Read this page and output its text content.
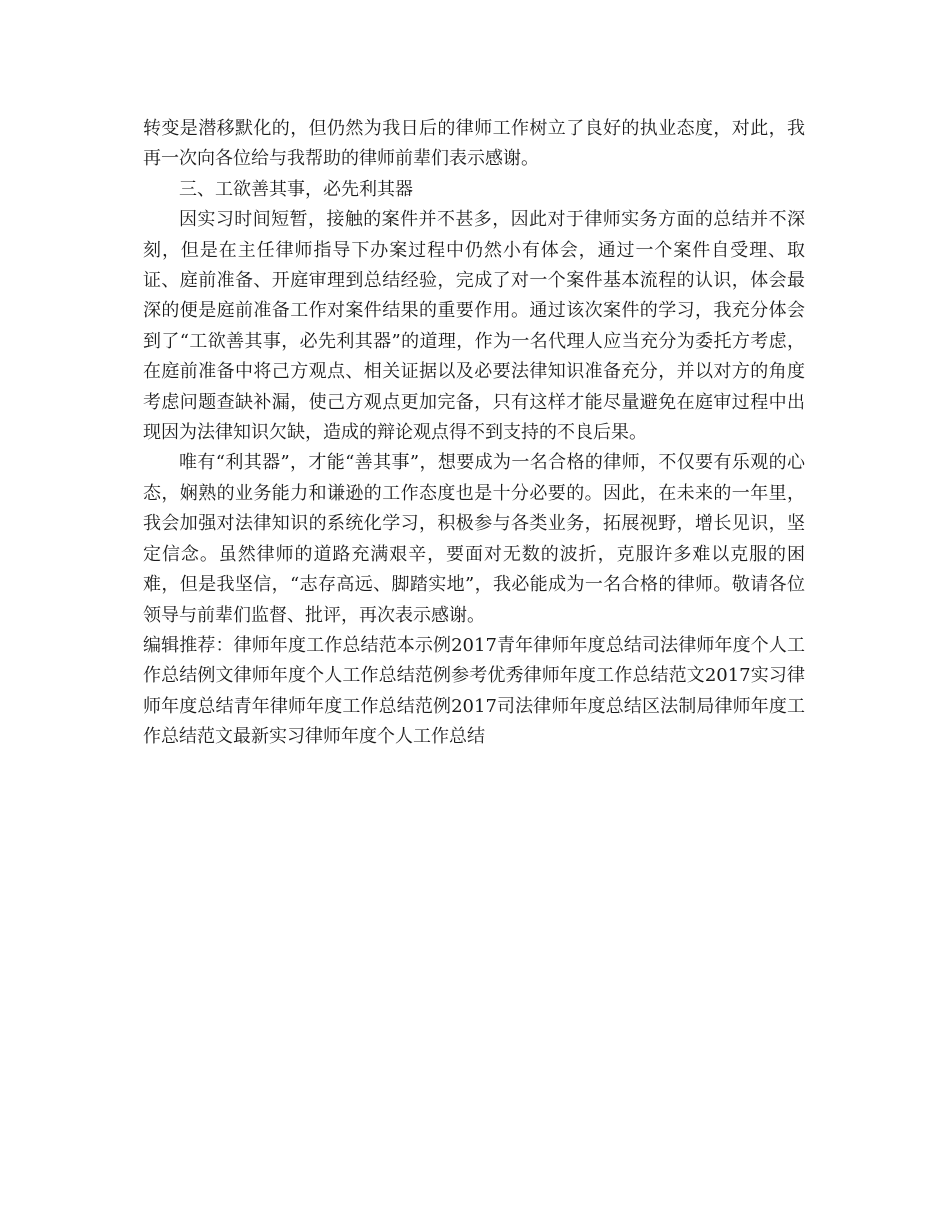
转变是潜移默化的，但仍然为我日后的律师工作树立了良好的执业态度，对此，我再一次向各位给与我帮助的律师前辈们表示感谢。

三、工欲善其事，必先利其器

因实习时间短暂，接触的案件并不甚多，因此对于律师实务方面的总结并不深刻，但是在主任律师指导下办案过程中仍然小有体会，通过一个案件自受理、取证、庭前准备、开庭审理到总结经验，完成了对一个案件基本流程的认识，体会最深的便是庭前准备工作对案件结果的重要作用。通过该次案件的学习，我充分体会到了“工欲善其事，必先利其器”的道理，作为一名代理人应当充分为委托方考虑，在庭前准备中将己方观点、相关证据以及必要法律知识准备充分，并以对方的角度考虑问题查缺补漏，使己方观点更加完备，只有这样才能尽量避免在庭审过程中出现因为法律知识欠缺，造成的辩论观点得不到支持的不良后果。

唯有“利其器”，才能“善其事”，想要成为一名合格的律师，不仅要有乐观的心态，娴熟的业务能力和谦逊的工作态度也是十分必要的。因此，在未来的一年里，我会加强对法律知识的系统化学习，积极参与各类业务，拓展视野，增长见识，坚定信念。虽然律师的道路充满艰辛，要面对无数的波折，克服许多难以克服的困难，但是我坚信，“志存高远、脚踏实地”，我必能成为一名合格的律师。敬请各位领导与前辈们监督、批评，再次表示感谢。

编辑推荐：律师年度工作总结范本示例2017青年律师年度总结司法律师年度个人工作总结例文律师年度个人工作总结范例参考优秀律师年度工作总结范文2017实习律师年度总结青年律师年度工作总结范例2017司法律师年度总结区法制局律师年度工作总结范文最新实习律师年度个人工作总结
